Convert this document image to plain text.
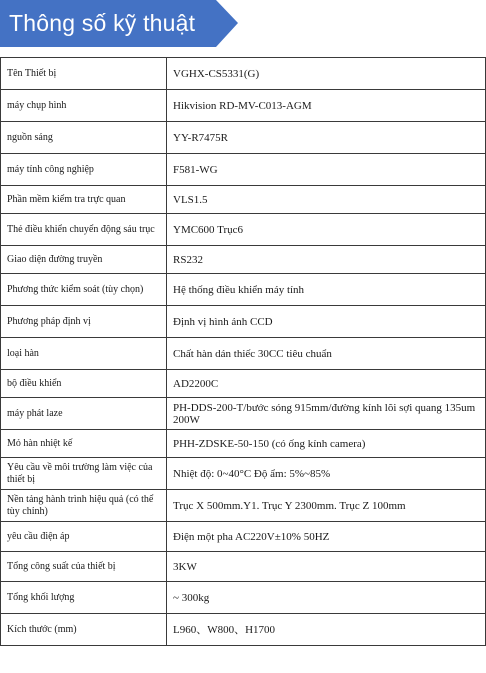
Thông số kỹ thuật
Tên Thiết bị	VGHX-CS5331(G)
máy chụp hình	Hikvision RD-MV-C013-AGM
nguồn sáng	YY-R7475R
máy tính công nghiệp	F581-WG
Phần mềm kiểm tra trực quan	VLS1.5
Thẻ điều khiển chuyển động sáu trục	YMC600 Trục6
Giao diện đường truyền	RS232
Phương thức kiểm soát (tùy chọn)	Hệ thống điều khiển máy tính
Phương pháp định vị	Định vị hình ảnh CCD
loại hàn	Chất hàn dán thiếc 30CC tiêu chuẩn
bộ điều khiển	AD2200C
máy phát laze	PH-DDS-200-T/bước sóng 915mm/đường kính lõi sợi quang 135um 200W
Mỏ hàn nhiệt kế	PHH-ZDSKE-50-150 (có ống kính camera)
Yêu cầu về môi trường làm việc của thiết bị	Nhiệt độ: 0~40°C Độ ẩm: 5%~85%
Nền tảng hành trình hiệu quả (có thể tùy chỉnh)	Trục X 500mm.Y1. Trục Y 2300mm. Trục Z 100mm
yêu cầu điện áp	Điện một pha AC220V±10% 50HZ
Tổng công suất của thiết bị	3KW
Tổng khối lượng	~ 300kg
Kích thước (mm)	L960、W800、H1700
